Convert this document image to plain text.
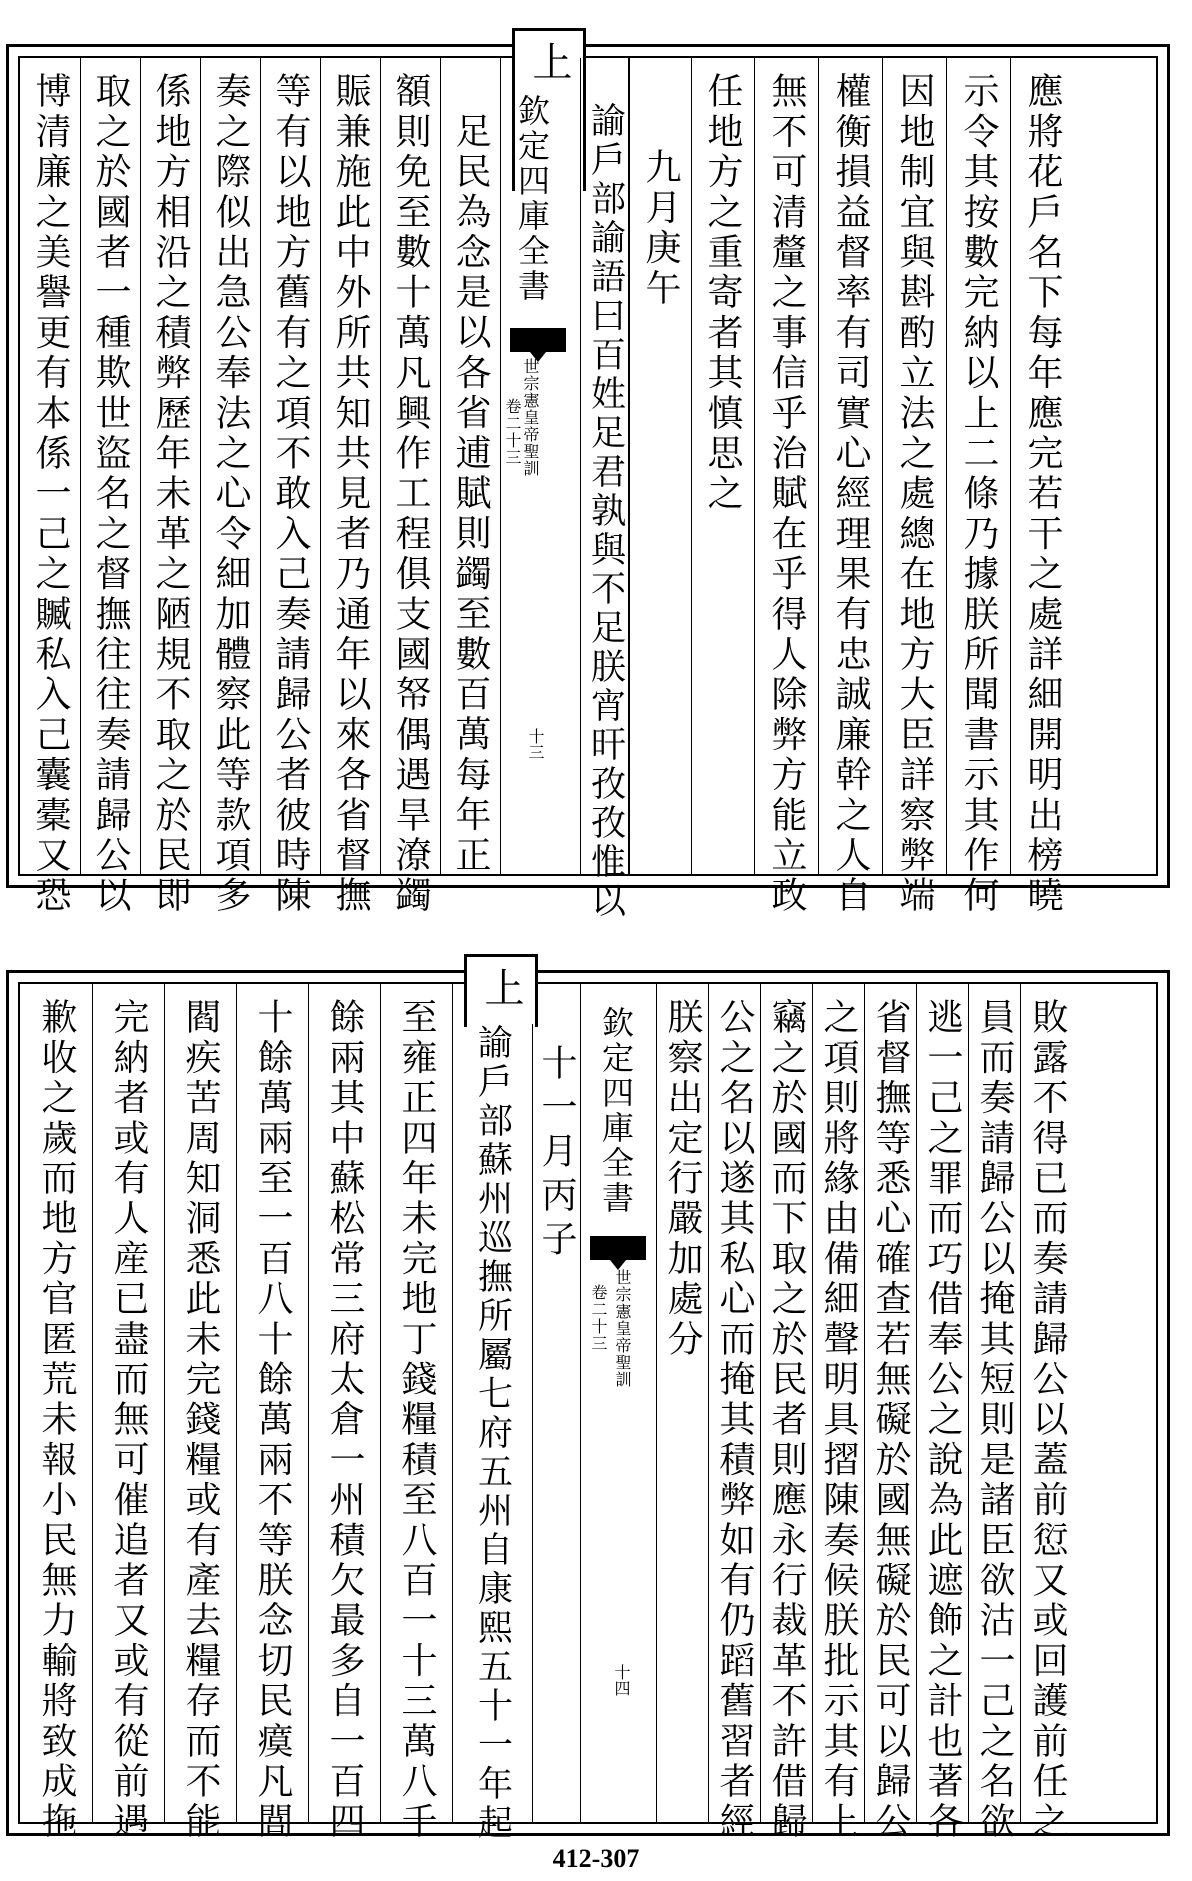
博清廉之美譽更有本係一己之贓私入己囊橐又恐 取之於國者一種欺世盜名之督撫往往奏請歸公以 係地方相沿之積弊歷年未革之陋規不取之於民即 奏之際似出急公奉法之心令細加體察此等款項多 等有以地方舊有之項不敢入己奏請歸公者彼時陳 賑兼施此中外所共知共見者乃通年以來各省督撫 額則免至數十萬凡興作工程俱支國帑偶遇旱潦蠲 足民為念是以各省逋賦則蠲至數百萬每年正
上
諭戶部諭語曰百姓足君孰與不足朕宵旰孜孜惟以
欽定四庫全書
世宗憲皇帝聖訓
卷二十三
十三
九月庚午 任地方之重寄者其慎思之 無不可清釐之事信乎治賦在乎得人除弊方能立政 權衡損益督率有司實心經理果有忠誠廉幹之人自 因地制宜與斟酌立法之處總在地方大臣詳察弊端 示令其按數完納以上二條乃據朕所聞書示其作何 應將花戶名下每年應完若干之處詳細開明出榜曉
歉收之歲而地方官匿荒未報小民無力輸將致成拖 完納者或有人産已盡而無可催追者又或有從前遇 閻疾苦周知洞悉此未完錢糧或有產去糧存而不能 十餘萬兩至一百八十餘萬兩不等朕念切民瘼凡閭 餘兩其中蘇松常三府太倉一州積欠最多自一百四 至雍正四年未完地丁錢糧積至八百一十三萬八千
上
諭戶部蘇州巡撫所屬七府五州自康熙五十一年起 十一月丙子 欽定四庫全書
世宗憲皇帝聖訓
卷二十三
十四
朕察出定行嚴加處分 公之名以遂其私心而掩其積弊如有仍蹈舊習者經 竊之於國而下取之於民者則應永行裁革不許借歸 之項則將緣由備細聲明具摺陳奏候朕批示其有上 省督撫等悉心確查若無礙於國無礙於民可以歸公 逃一己之罪而巧借奉公之說為此遮飾之計也著各 員而奏請歸公以掩其短則是諸臣欲沽一己之名欲 敗露不得已而奏請歸公以蓋前愆又或回護前任之
412-307
